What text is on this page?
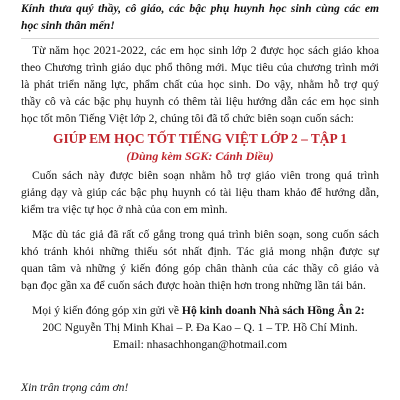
Kính thưa quý thầy, cô giáo, các bậc phụ huynh học sinh cùng các em

học sinh thân mến!

Từ năm học 2021-2022, các em học sinh lớp 2 được học sách giáo khoa

theo Chương trình giáo dục phổ thông mới. Mục tiêu của chương trình mới

là phát triển năng lực, phẩm chất của học sinh. Do vậy, nhằm hỗ trợ quý

thầy cô và các bậc phụ huynh có thêm tài liệu hướng dẫn các em học sinh

học tốt môn Tiếng Việt lớp 2, chúng tôi đã tổ chức biên soạn cuốn sách:

GIÚP EM HỌC TỐT TIẾNG VIỆT LỚP 2 – TẬP 1

(Dùng kèm SGK: Cánh Diều)

Cuốn sách này được biên soạn nhằm hỗ trợ giáo viên trong quá trình

giảng dạy và giúp các bậc phụ huynh có tài liệu tham khảo để hướng dẫn,

kiểm tra việc tự học ở nhà của con em mình.

Mặc dù tác giả đã rất cố gắng trong quá trình biên soạn, song cuốn sách

khó tránh khỏi những thiếu sót nhất định. Tác giả mong nhận được sự

quan tâm và những ý kiến đóng góp chân thành của các thầy cô giáo và

bạn đọc gần xa để cuốn sách được hoàn thiện hơn trong những lần tái bản.

Mọi ý kiến đóng góp xin gửi về Hộ kinh doanh Nhà sách Hồng Ân 2:

20C Nguyễn Thị Minh Khai – P. Đa Kao – Q. 1 – TP. Hồ Chí Minh.

Email: nhasachhongan@hotmail.com

Xin trân trọng cảm ơn!
